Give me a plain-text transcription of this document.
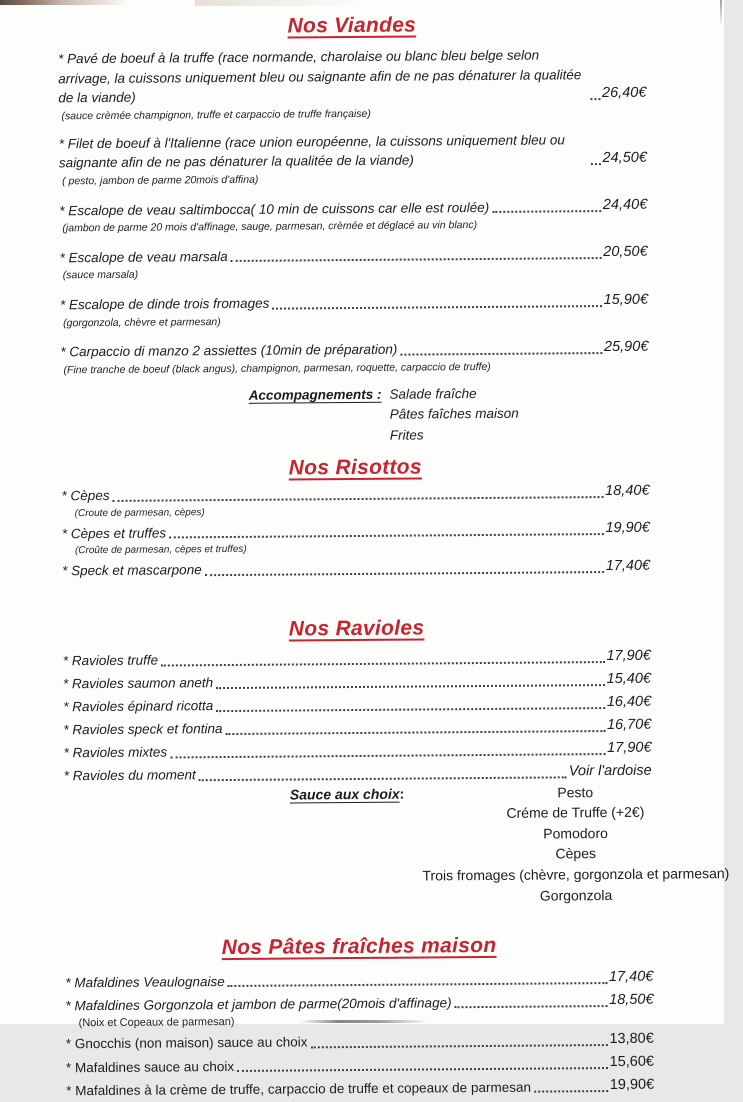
Nos Viandes
* Pavé de boeuf à la truffe (race normande, charolaise ou blanc bleu belge selon arrivage, la cuissons uniquement bleu ou saignante afin de ne pas dénaturer la qualitée de la viande)	26,40€
(sauce crèmée champignon, truffe et carpaccio de truffe française)
* Filet de boeuf à l'Italienne (race union européenne, la cuissons uniquement bleu ou saignante afin de ne pas dénaturer la qualitée de la viande)	24,50€
( pesto, jambon de parme 20mois d'affina)
* Escalope de veau saltimbocca( 10 min de cuissons car elle est roulée)	24,40€
(jambon de parme 20 mois d'affinage, sauge, parmesan, crèmée et déglacé au vin blanc)
* Escalope de veau marsala	20,50€
(sauce marsala)
* Escalope de dinde trois fromages	15,90€
(gorgonzola, chèvre et parmesan)
* Carpaccio di manzo 2 assiettes (10min de préparation)	25,90€
(Fine tranche de boeuf (black angus), champignon, parmesan, roquette, carpaccio de truffe)
Accompagnements : Salade fraîche
Pâtes faîches maison
Frites
Nos Risottos
* Cèpes	18,40€
(Croute de parmesan, cèpes)
* Cèpes et truffes	19,90€
(Croûte de parmesan, cèpes et truffes)
* Speck et mascarpone	17,40€
Nos Ravioles
* Ravioles truffe	17,90€
* Ravioles saumon aneth	15,40€
* Ravioles épinard ricotta	16,40€
* Ravioles speck et fontina	16,70€
* Ravioles mixtes	17,90€
* Ravioles du moment	Voir l'ardoise
Sauce aux choix :	Pesto
Créme de Truffe (+2€)
Pomodoro
Cèpes
Trois fromages (chèvre, gorgonzola et parmesan)
Gorgonzola
Nos Pâtes fraîches maison
* Mafaldines Veaulognaise	17,40€
* Mafaldines Gorgonzola et jambon de parme(20mois d'affinage)	18,50€
(Noix et Copeaux de parmesan)
* Gnocchis (non maison) sauce au choix	13,80€
* Mafaldines sauce au choix	15,60€
* Mafaldines à la crème de truffe, carpaccio de truffe et copeaux de parmesan	19,90€
